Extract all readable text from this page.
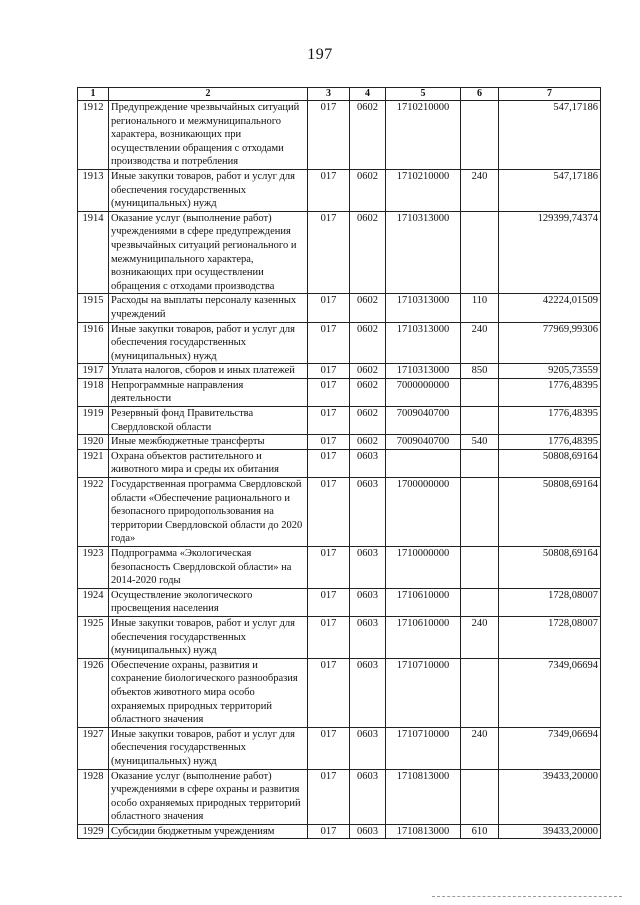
197
1	2	3	4	5	6	7
1912	Предупреждение чрезвычайных ситуаций регионального и межмуниципального характера, возникающих при осуществлении обращения с отходами производства и потребления	017	0602	1710210000		547,17186
1913	Иные закупки товаров, работ и услуг для обеспечения государственных (муниципальных) нужд	017	0602	1710210000	240	547,17186
1914	Оказание услуг (выполнение работ) учреждениями в сфере предупреждения чрезвычайных ситуаций регионального и межмуниципального характера, возникающих при осуществлении обращения с отходами производства	017	0602	1710313000		129399,74374
1915	Расходы на выплаты персоналу казенных учреждений	017	0602	1710313000	110	42224,01509
1916	Иные закупки товаров, работ и услуг для обеспечения государственных (муниципальных) нужд	017	0602	1710313000	240	77969,99306
1917	Уплата налогов, сборов и иных платежей	017	0602	1710313000	850	9205,73559
1918	Непрограммные направления деятельности	017	0602	7000000000		1776,48395
1919	Резервный фонд Правительства Свердловской области	017	0602	7009040700		1776,48395
1920	Иные межбюджетные трансферты	017	0602	7009040700	540	1776,48395
1921	Охрана объектов растительного и животного мира и среды их обитания	017	0603			50808,69164
1922	Государственная программа Свердловской области «Обеспечение рационального и безопасного природопользования на территории Свердловской области до 2020 года»	017	0603	1700000000		50808,69164
1923	Подпрограмма «Экологическая безопасность Свердловской области» на 2014-2020 годы	017	0603	1710000000		50808,69164
1924	Осуществление экологического просвещения населения	017	0603	1710610000		1728,08007
1925	Иные закупки товаров, работ и услуг для обеспечения государственных (муниципальных) нужд	017	0603	1710610000	240	1728,08007
1926	Обеспечение охраны, развития и сохранение биологического разнообразия объектов животного мира особо охраняемых природных территорий областного значения	017	0603	1710710000		7349,06694
1927	Иные закупки товаров, работ и услуг для обеспечения государственных (муниципальных) нужд	017	0603	1710710000	240	7349,06694
1928	Оказание услуг (выполнение работ) учреждениями в сфере охраны и развития особо охраняемых природных территорий областного значения	017	0603	1710813000		39433,20000
1929	Субсидии бюджетным учреждениям	017	0603	1710813000	610	39433,20000
